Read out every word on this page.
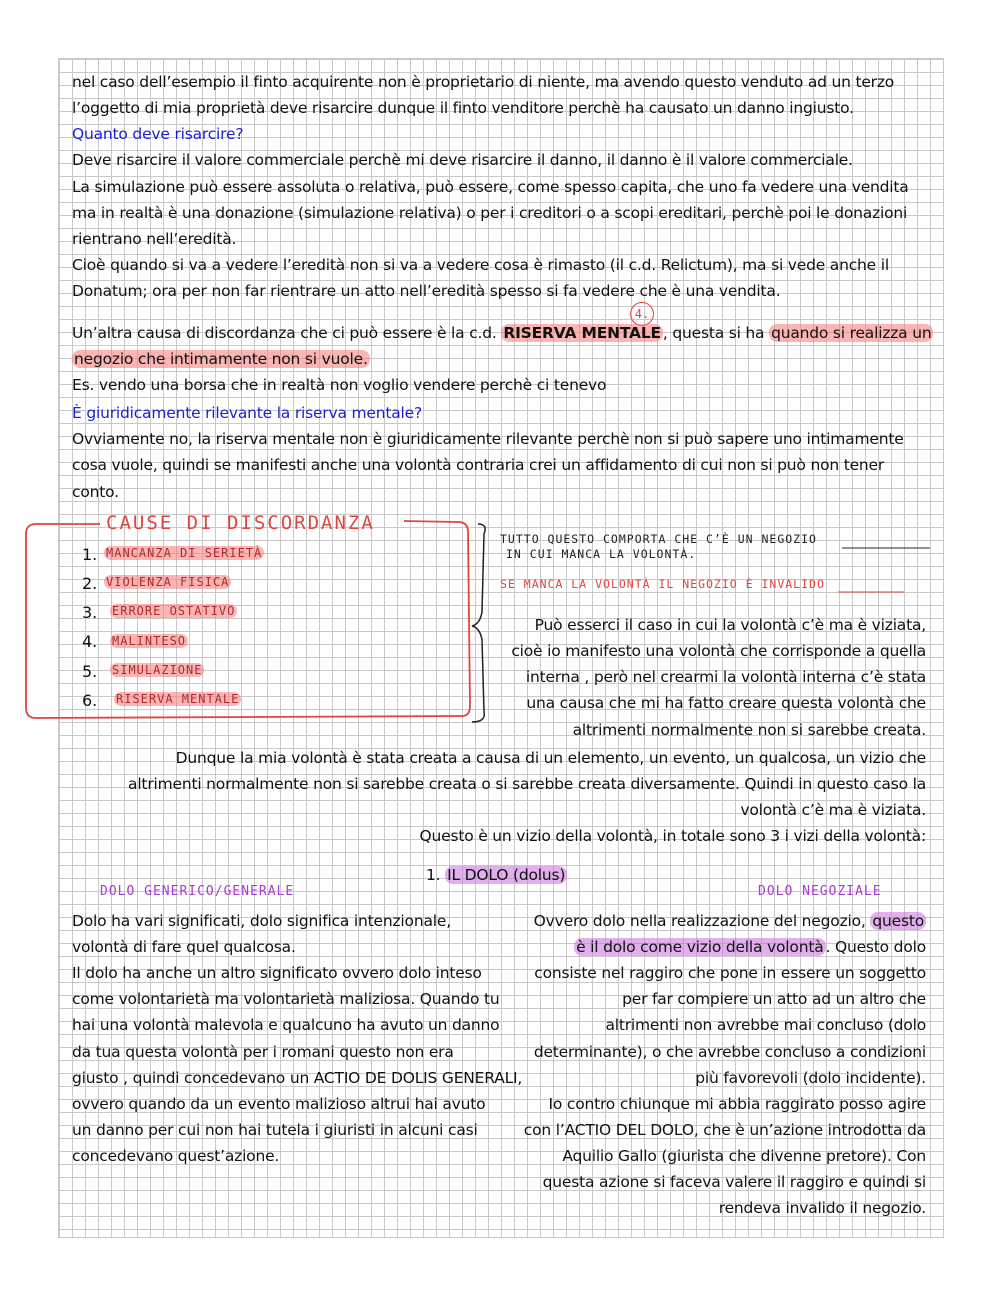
nel caso dell’esempio il finto acquirente non è proprietario di niente, ma avendo questo venduto ad un terzo
l’oggetto di mia proprietà deve risarcire dunque il finto venditore perchè ha causato un danno ingiusto.
Quanto deve risarcire?
Deve risarcire il valore commerciale perchè mi deve risarcire il danno, il danno è il valore commerciale.
La simulazione può essere assoluta o relativa, può essere, come spesso capita, che uno fa vedere una vendita
ma in realtà è una donazione (simulazione relativa) o per i creditori o a scopi ereditari, perchè poi le donazioni
rientrano nell’eredità.
Cioè quando si va a vedere l’eredità non si va a vedere cosa è rimasto (il c.d. Relictum), ma si vede anche il
Donatum; ora per non far rientrare un atto nell’eredità spesso si fa vedere che è una vendita.
4.
Un’altra causa di discordanza che ci può essere è la c.d. RISERVA MENTALE , questa si ha quando si realizza un
negozio che intimamente non si vuole.
Es. vendo una borsa che in realtà non voglio vendere perchè ci tenevo
È giuridicamente rilevante la riserva mentale?
Ovviamente no, la riserva mentale non è giuridicamente rilevante perchè non si può sapere uno intimamente
cosa vuole, quindi se manifesti anche una volontà contraria crei un affidamento di cui non si può non tener
conto.
CAUSE DI DISCORDANZA
1. MANCANZA DI SERIETÀ
2. VIOLENZA FISICA
3. ERRORE OSTATIVO
4. MALINTESO
5. SIMULAZIONE
6. RISERVA MENTALE
TUTTO QUESTO COMPORTA CHE C’È UN NEGOZIO
IN CUI MANCA LA VOLONTÀ.
SE MANCA LA VOLONTÀ IL NEGOZIO È INVALIDO
Può esserci il caso in cui la volontà c’è ma è viziata,
cioè io manifesto una volontà che corrisponde a quella
interna , però nel crearmi la volontà interna c’è stata
una causa che mi ha fatto creare questa volontà che
altrimenti normalmente non si sarebbe creata.
Dunque la mia volontà è stata creata a causa di un elemento, un evento, un qualcosa, un vizio che
altrimenti normalmente non si sarebbe creata o si sarebbe creata diversamente. Quindi in questo caso la
volontà c’è ma è viziata.
Questo è un vizio della volontà, in totale sono 3 i vizi della volontà:
1. IL DOLO (dolus)
DOLO GENERICO/GENERALE	DOLO NEGOZIALE
Dolo ha vari significati, dolo significa intenzionale,
volontà di fare quel qualcosa.
Il dolo ha anche un altro significato ovvero dolo inteso
come volontarietà ma volontarietà maliziosa. Quando tu
hai una volontà malevola e qualcuno ha avuto un danno
da tua questa volontà per i romani questo non era
giusto , quindi concedevano un ACTIO DE DOLIS GENERALI,
ovvero quando da un evento malizioso altrui hai avuto
un danno per cui non hai tutela i giuristi in alcuni casi
concedevano quest’azione.
Ovvero dolo nella realizzazione del negozio, questo
è il dolo come vizio della volontà . Questo dolo
consiste nel raggiro che pone in essere un soggetto
per far compiere un atto ad un altro che
altrimenti non avrebbe mai concluso (dolo
determinante), o che avrebbe concluso a condizioni
più favorevoli (dolo incidente).
Io contro chiunque mi abbia raggirato posso agire
con l’ACTIO DEL DOLO, che è un’azione introdotta da
Aquilio Gallo (giurista che divenne pretore). Con
questa azione si faceva valere il raggiro e quindi si
rendeva invalido il negozio.
